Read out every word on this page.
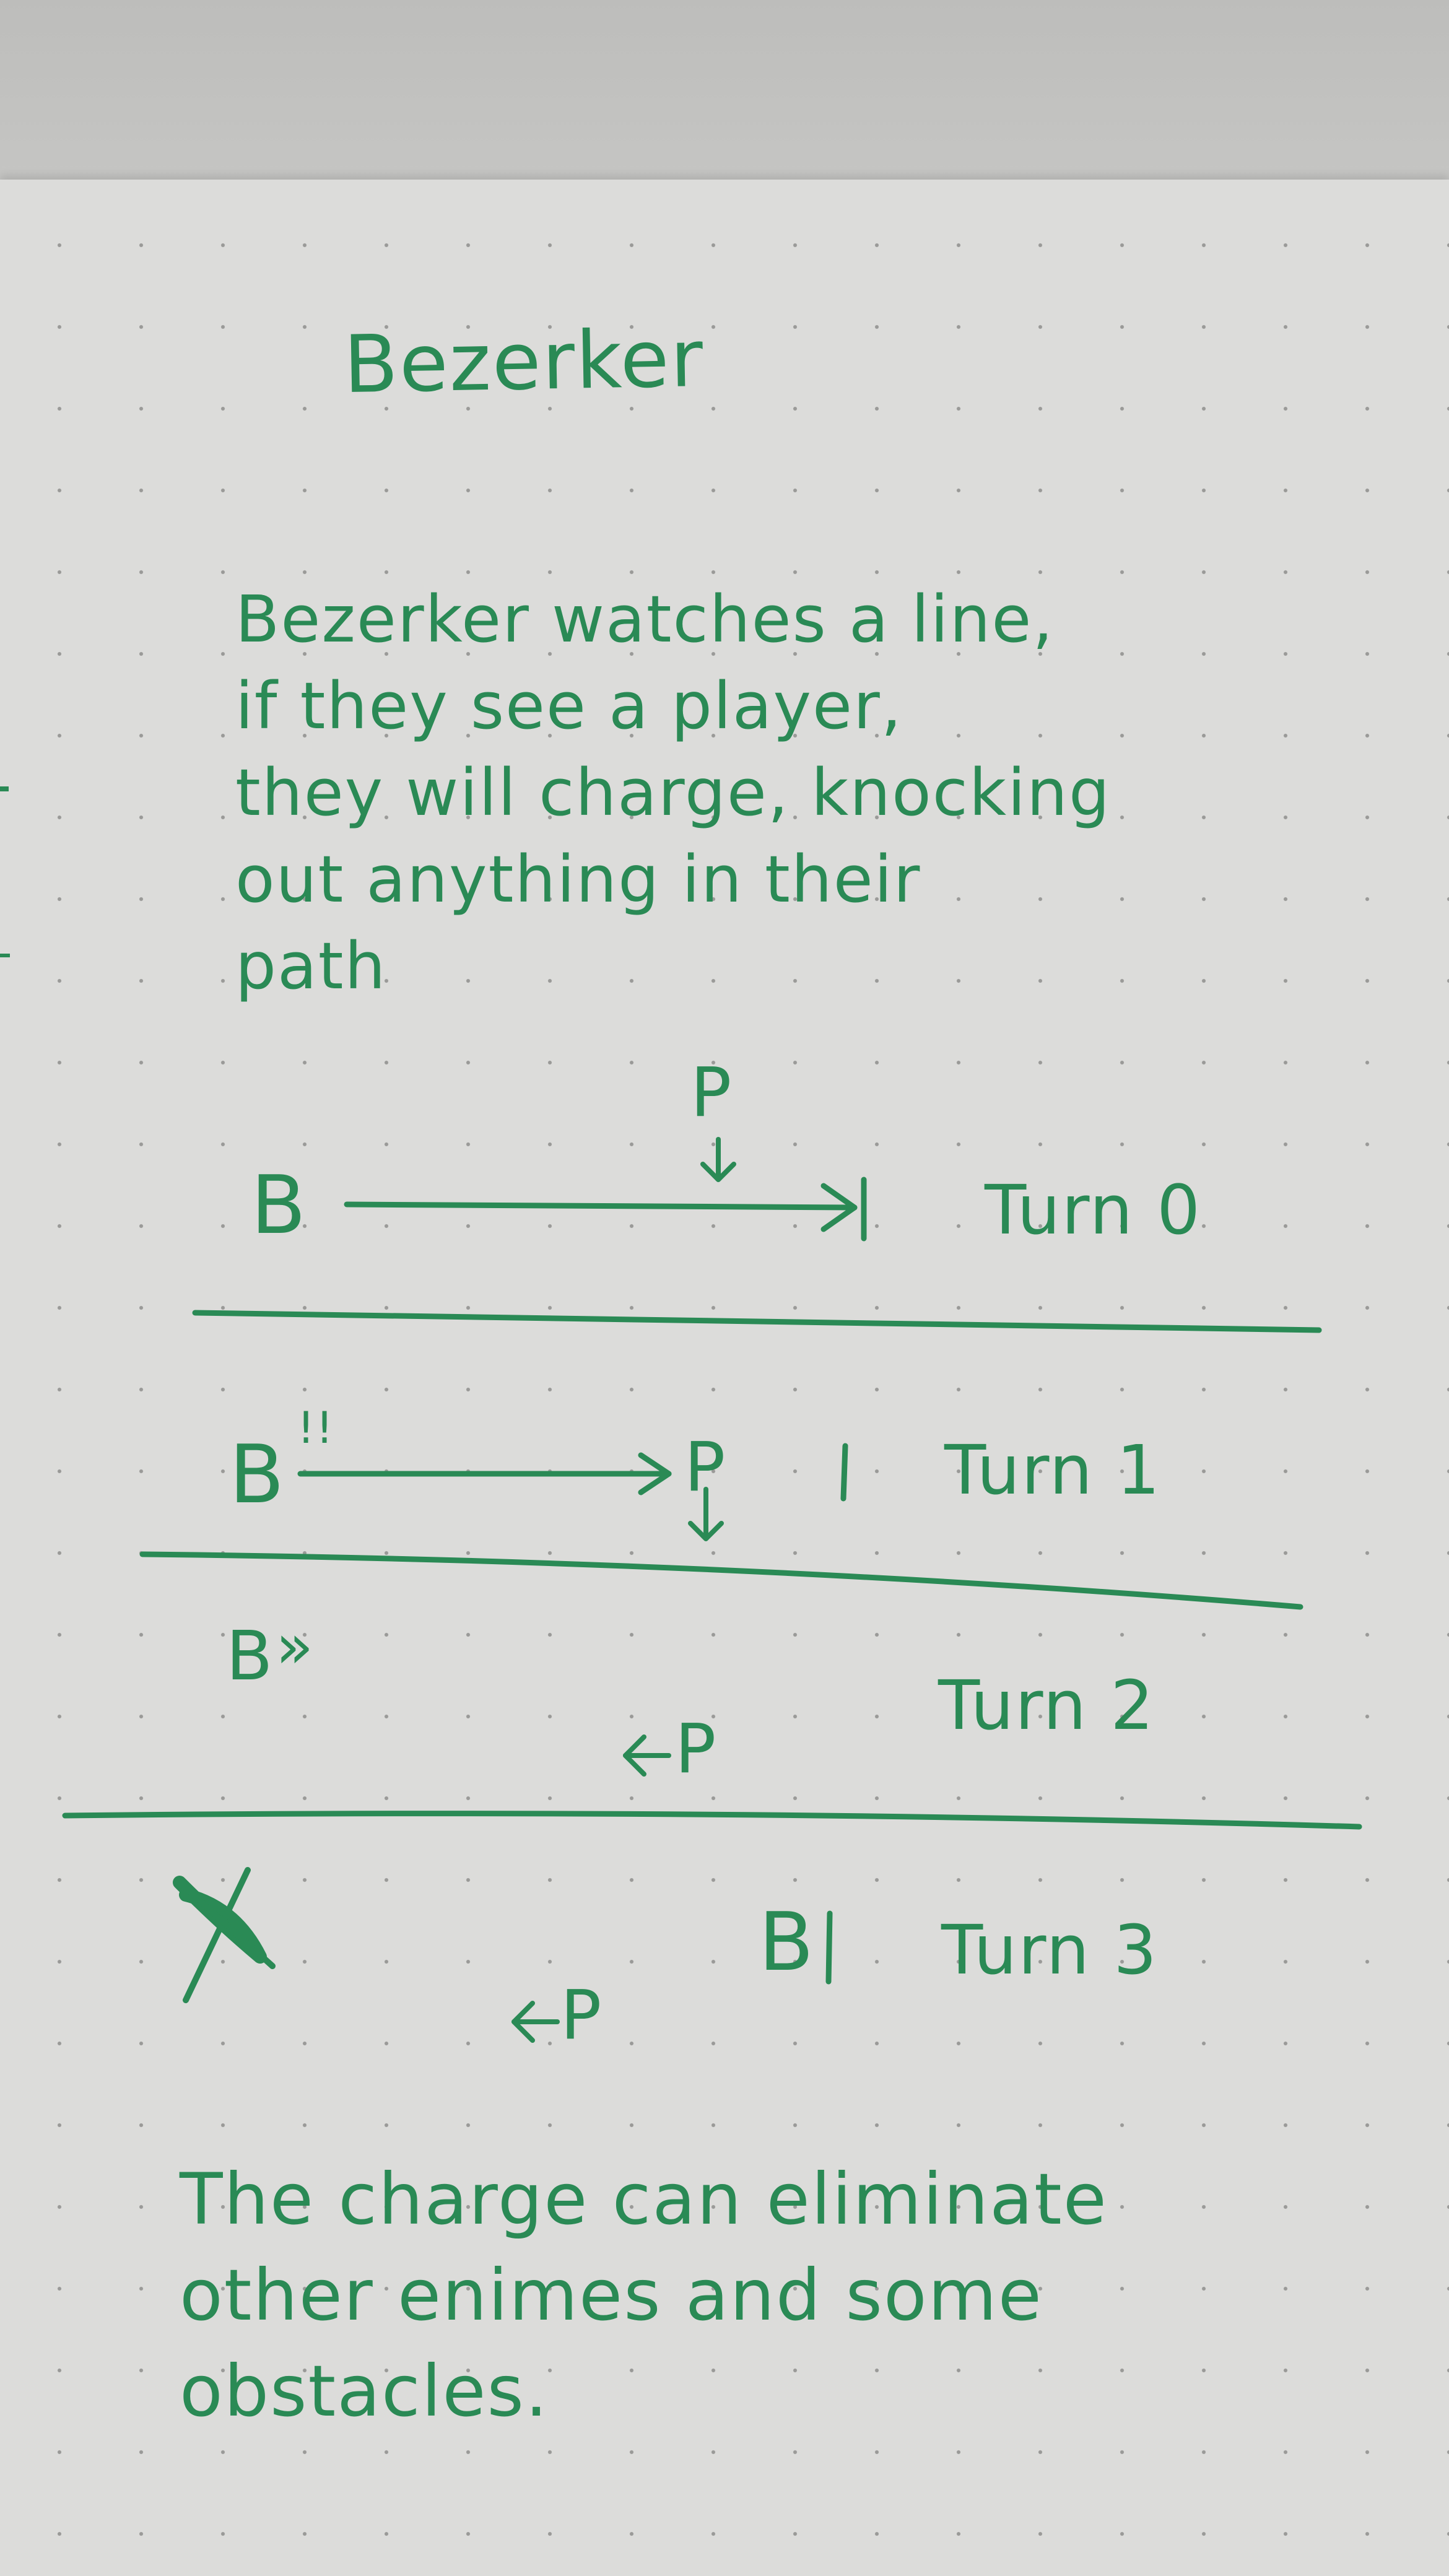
Bezerker
Bezerker watches a line,
if they see a player,
they will charge, knocking
out anything in their
path
B
P
Turn 0
B !!	P	Turn 1
B »
Turn 2
P
B Turn 3
P
The charge can eliminate
other enimes and some
obstacles.
